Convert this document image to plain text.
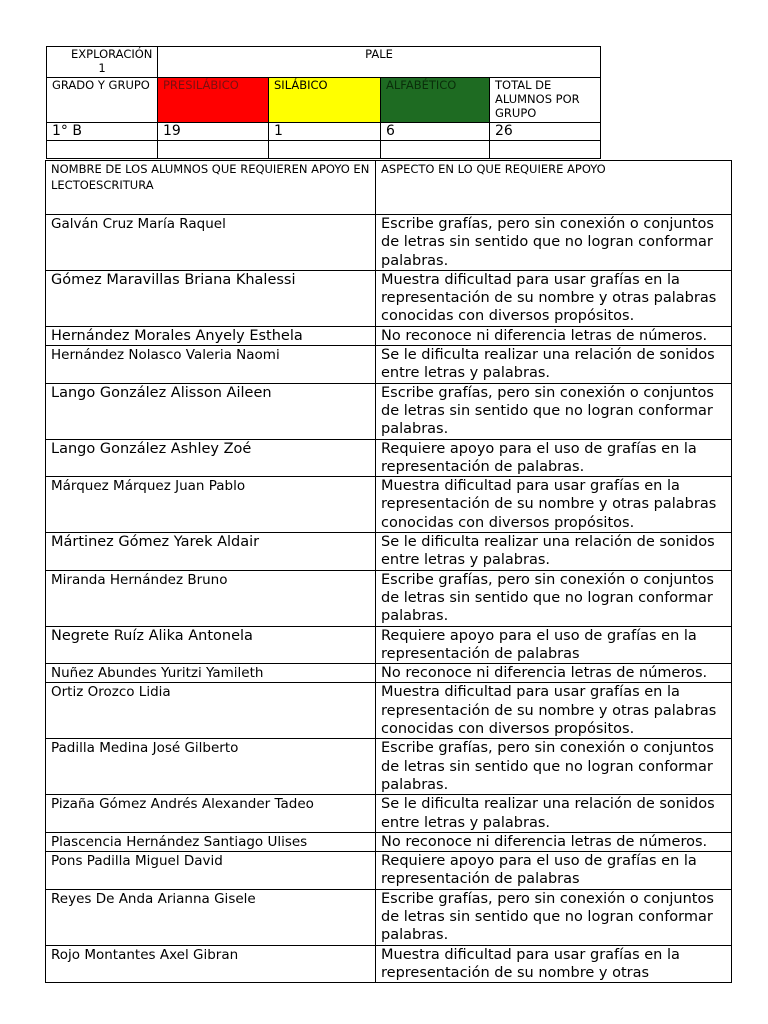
EXPLORACIÓN 1	PALE			
GRADO Y GRUPO	PRESILÁBICO	SILÁBICO	ALFABÉTICO	TOTAL DE ALUMNOS POR GRUPO
1° B	19	1	6	26

NOMBRE DE LOS ALUMNOS QUE REQUIEREN APOYO EN LECTOESCRITURA	ASPECTO EN LO QUE REQUIERE APOYO
Galván Cruz María Raquel	Escribe grafías, pero sin conexión o conjuntos de letras sin sentido que no logran conformar palabras.
Gómez Maravillas Briana Khalessi	Muestra dificultad para usar grafías en la representación de su nombre y otras palabras conocidas con diversos propósitos.
Hernández Morales Anyely Esthela	No reconoce ni diferencia letras de números.
Hernández Nolasco Valeria Naomi	Se le dificulta realizar una relación de sonidos entre letras y palabras.
Lango González Alisson Aileen	Escribe grafías, pero sin conexión o conjuntos de letras sin sentido que no logran conformar palabras.
Lango González Ashley Zoé	Requiere apoyo para el uso de grafías en la representación de palabras.
Márquez Márquez Juan Pablo	Muestra dificultad para usar grafías en la representación de su nombre y otras palabras conocidas con diversos propósitos.
Mártinez Gómez Yarek Aldair	Se le dificulta realizar una relación de sonidos entre letras y palabras.
Miranda Hernández Bruno	Escribe grafías, pero sin conexión o conjuntos de letras sin sentido que no logran conformar palabras.
Negrete Ruíz Alika Antonela	Requiere apoyo para el uso de grafías en la representación de palabras
Nuñez Abundes Yuritzi Yamileth	No reconoce ni diferencia letras de números.
Ortiz Orozco Lidia	Muestra dificultad para usar grafías en la representación de su nombre y otras palabras conocidas con diversos propósitos.
Padilla Medina José Gilberto	Escribe grafías, pero sin conexión o conjuntos de letras sin sentido que no logran conformar palabras.
Pizaña Gómez Andrés Alexander Tadeo	Se le dificulta realizar una relación de sonidos entre letras y palabras.
Plascencia Hernández Santiago Ulises	No reconoce ni diferencia letras de números.
Pons Padilla Miguel David	Requiere apoyo para el uso de grafías en la representación de palabras
Reyes De Anda Arianna Gisele	Escribe grafías, pero sin conexión o conjuntos de letras sin sentido que no logran conformar palabras.
Rojo Montantes Axel Gibran	Muestra dificultad para usar grafías en la representación de su nombre y otras
